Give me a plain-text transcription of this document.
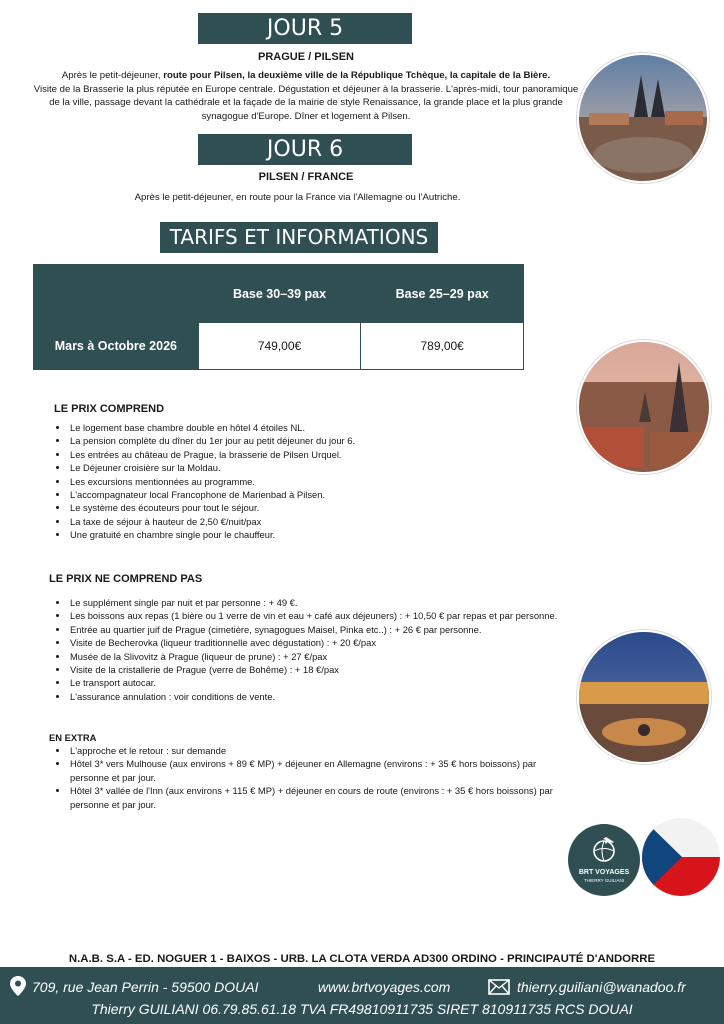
JOUR 5
PRAGUE / PILSEN

Après le petit-déjeuner, route pour Pilsen, la deuxième ville de la République Tchèque, la capitale de la Bière.
Visite de la Brasserie la plus réputée en Europe centrale. Dégustation et déjeuner à la brasserie. L'après-midi, tour panoramique de la ville, passage devant la cathédrale et la façade de la mairie de style Renaissance, la grande place et la plus grande synagogue d'Europe. Dîner et logement à Pilsen.

JOUR 6
PILSEN / FRANCE

Après le petit-déjeuner, en route pour la France via l'Allemagne ou l'Autriche.

TARIFS ET INFORMATIONS
	Base 30–39 pax	Base 25–29 pax
Mars à Octobre 2026	749,00€	789,00€
LE PRIX COMPREND
• Le logement base chambre double en hôtel 4 étoiles NL.
• La pension complète du dîner du 1er jour au petit déjeuner du jour 6.
• Les entrées au château de Prague, la brasserie de Pilsen Urquel.
• Le Déjeuner croisière sur la Moldau.
• Les excursions mentionnées au programme.
• L'accompagnateur local Francophone de Marienbad à Pilsen.
• Le système des écouteurs pour tout le séjour.
• La taxe de séjour à hauteur de 2,50 €/nuit/pax
• Une gratuité en chambre single pour le chauffeur.
LE PRIX NE COMPREND PAS
• Le supplément single par nuit et par personne : + 49 €.
• Les boissons aux repas (1 bière ou 1 verre de vin et eau + café aux déjeuners) : + 10,50 € par repas et par personne.
• Entrée au quartier juif de Prague (cimetière, synagogues Maisel, Pinka etc..) : + 26 € par personne.
• Visite de Becherovka (liqueur traditionnelle avec dégustation) : + 20 €/pax
• Musée de la Slivovitz à Prague (liqueur de prune) : + 27 €/pax
• Visite de la cristallerie de Prague (verre de Bohême) : + 18 €/pax
• Le transport autocar.
• L'assurance annulation : voir conditions de vente.
EN EXTRA
• L'approche et le retour : sur demande
• Hôtel 3* vers Mulhouse (aux environs + 89 € MP) + déjeuner en Allemagne (environs : + 35 € hors boissons) par personne et par jour.
• Hôtel 3* vallée de l'Inn (aux environs + 115 € MP) + déjeuner en cours de route (environs : + 35 € hors boissons) par personne et par jour.
BRT VOYAGES
THIERRY GUILIANI
N.A.B. S.A - ED. NOGUER 1 - BAIXOS - URB. LA CLOTA VERDA AD300 ORDINO - PRINCIPAUTÉ D'ANDORRE
709, rue Jean Perrin - 59500 DOUAI	www.brtvoyages.com	thierry.guiliani@wanadoo.fr
Thierry GUILIANI 06.79.85.61.18 TVA FR49810911735 SIRET 810911735 RCS DOUAI
